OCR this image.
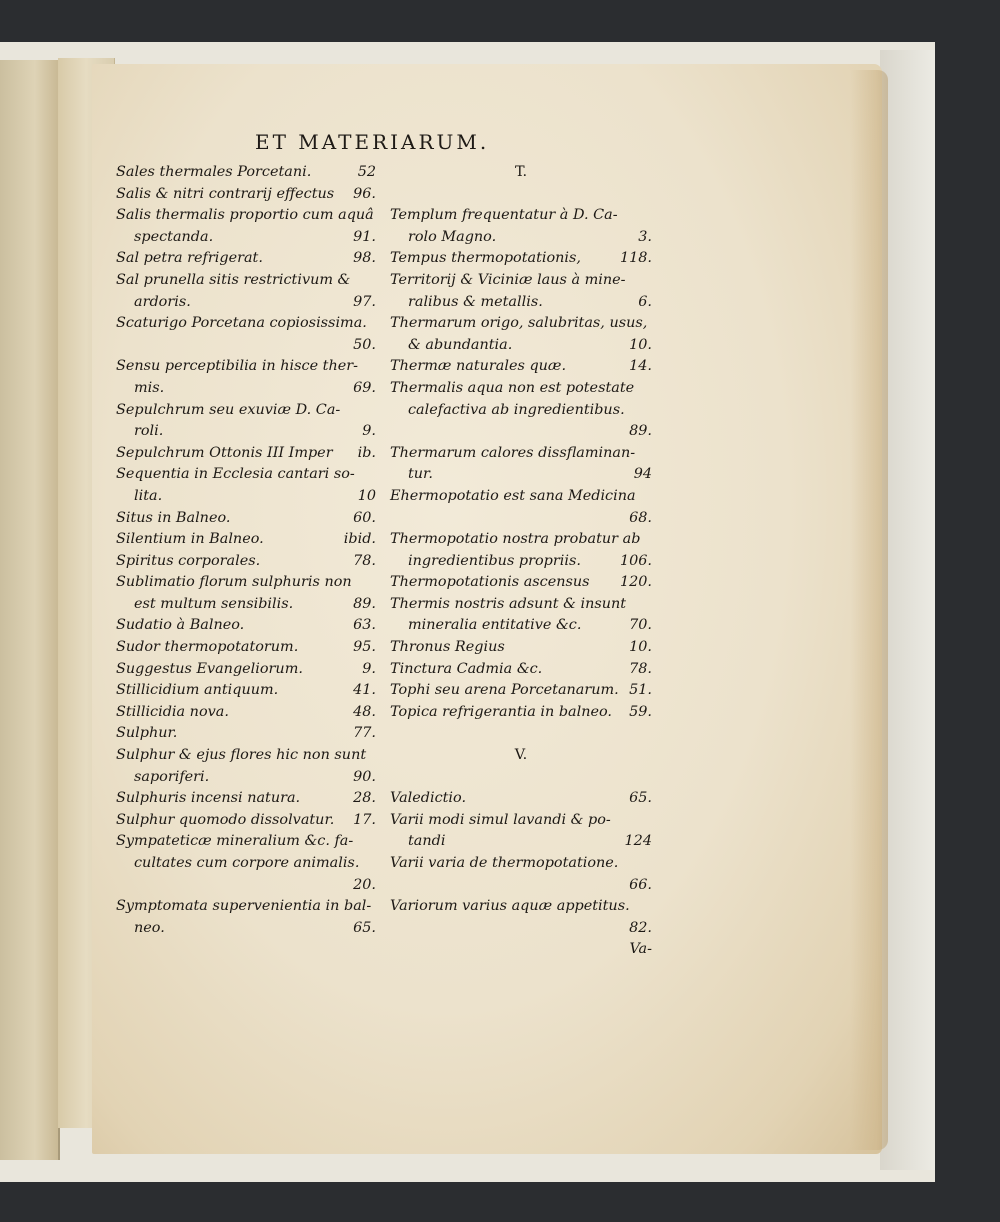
ET MATERIARUM.
Sales thermales Porcetani.	52
Salis & nitri contrarij effectus 96.
Salis thermalis proportio cum aquâ
spectanda.	91.
Sal petra refrigerat.	98.
Sal prunella sitis restrictivum &
ardoris.	97.
Scaturigo Porcetana copiosissima.
50.
Sensu perceptibilia in hisce ther-
mis.	69.
Sepulchrum seu exuviæ D. Ca-
roli.	9.
Sepulchrum Ottonis III Imper ib.
Sequentia in Ecclesia cantari so-
lita.	10
Situs in Balneo.	60.
Silentium in Balneo.	ibid.
Spiritus corporales.	78.
Sublimatio florum sulphuris non
est multum sensibilis.	89.
Sudatio à Balneo.	63.
Sudor thermopotatorum.	95.
Suggestus Evangeliorum.	9.
Stillicidium antiquum.	41.
Stillicidia nova.	48.
Sulphur.	77.
Sulphur & ejus flores hic non sunt
saporiferi.	90.
Sulphuris incensi natura.	28.
Sulphur quomodo dissolvatur. 17.
Sympateticæ mineralium &c. fa-
cultates cum corpore animalis.
20.
Symptomata supervenientia in bal-
neo.	65.
T.
Templum frequentatur à D. Ca-
rolo Magno.	3.
Tempus thermopotationis,	118.
Territorij & Viciniæ laus à mine-
ralibus & metallis.	6.
Thermarum origo, salubritas, usus,
& abundantia.	10.
Thermæ naturales quæ.	14.
Thermalis aqua non est potestate
calefactiva ab ingredientibus.
89.
Thermarum calores dissflaminan-
tur.	94
Ehermopotatio est sana Medicina
68.
Thermopotatio nostra probatur ab
ingredientibus propriis.	106.
Thermopotationis ascensus 120.
Thermis nostris adsunt & insunt
mineralia entitative &c.	70.
Thronus Regius	10.
Tinctura Cadmia &c.	78.
Tophi seu arena Porcetanarum. 51.
Topica refrigerantia in balneo. 59.
V.
Valedictio.	65.
Varii modi simul lavandi & po-
tandi	124
Varii varia de thermopotatione.
66.
Variorum varius aquæ appetitus.
82.
Va-
